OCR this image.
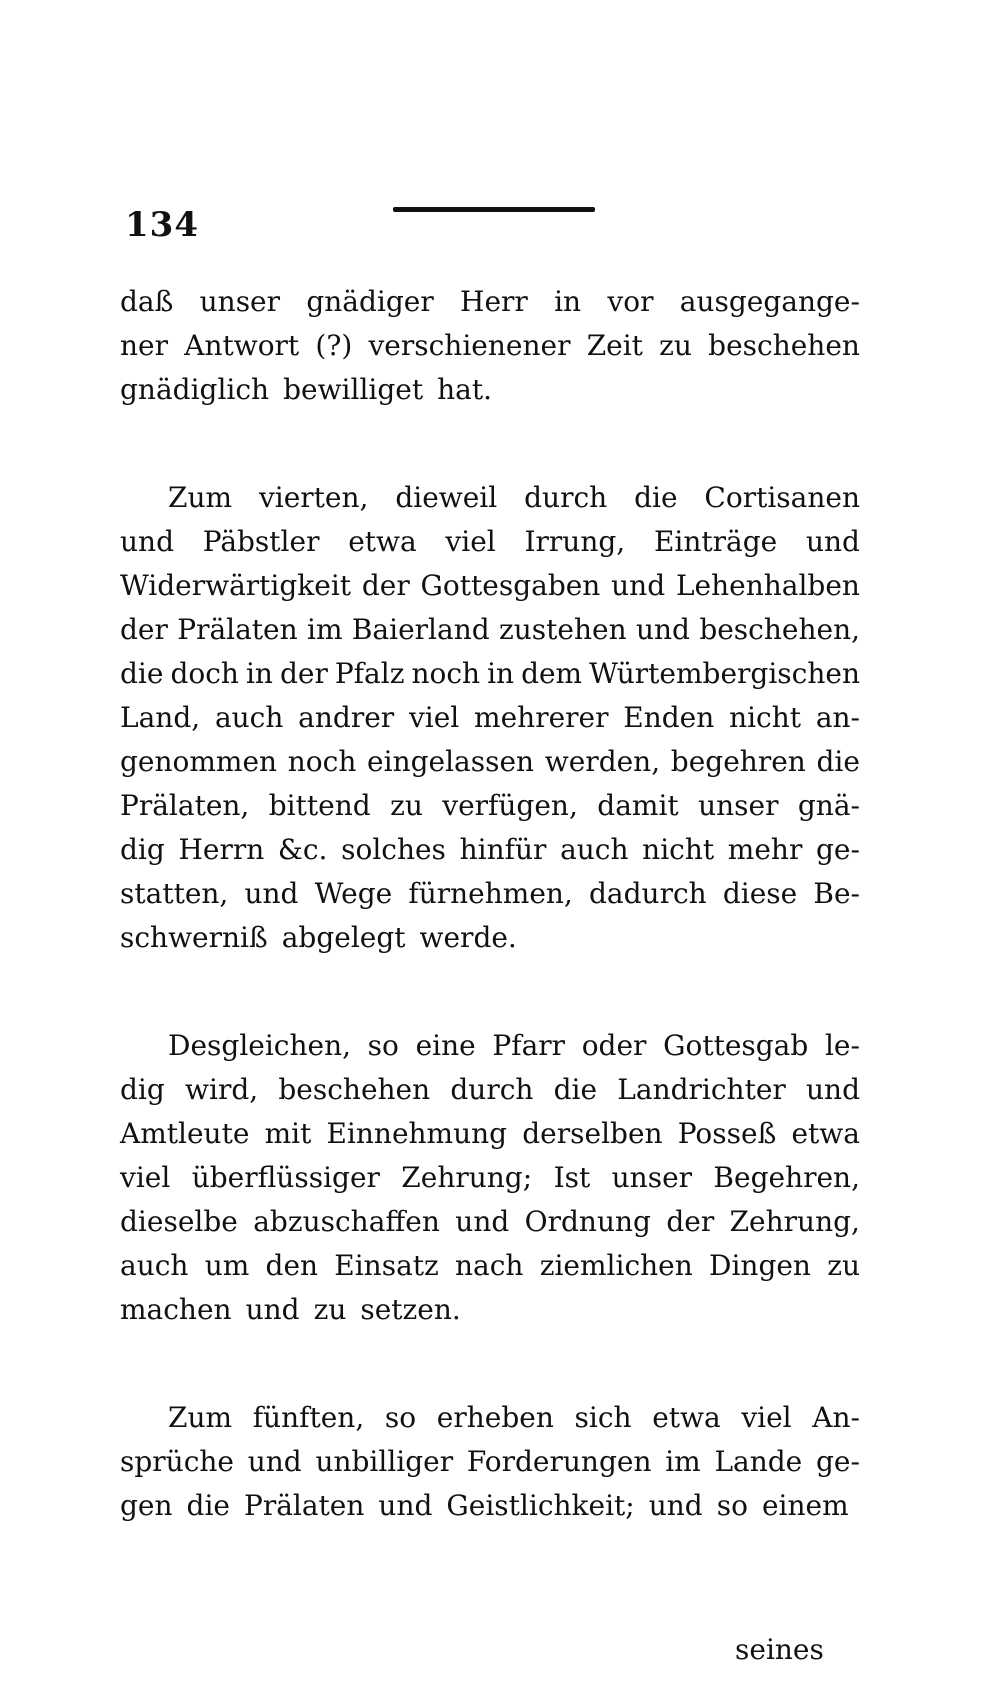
134
daß unser gnädiger Herr in vor ausgegange-
ner Antwort (?) verschienener Zeit zu beschehen
gnädiglich bewilliget hat.
Zum vierten, dieweil durch die Cortisanen
und Päbstler etwa viel Irrung, Einträge und
Widerwärtigkeit der Gottesgaben und Lehenhalben
der Prälaten im Baierland zustehen und beschehen,
die doch in der Pfalz noch in dem Würtembergischen
Land, auch andrer viel mehrerer Enden nicht an-
genommen noch eingelassen werden, begehren die
Prälaten, bittend zu verfügen, damit unser gnä-
dig Herrn &c. solches hinfür auch nicht mehr ge-
statten, und Wege fürnehmen, dadurch diese Be-
schwerniß abgelegt werde.
Desgleichen, so eine Pfarr oder Gottesgab le-
dig wird, beschehen durch die Landrichter und
Amtleute mit Einnehmung derselben Posseß etwa
viel überflüssiger Zehrung; Ist unser Begehren,
dieselbe abzuschaffen und Ordnung der Zehrung,
auch um den Einsatz nach ziemlichen Dingen zu
machen und zu setzen.
Zum fünften, so erheben sich etwa viel An-
sprüche und unbilliger Forderungen im Lande ge-
gen die Prälaten und Geistlichkeit; und so einem
seines
